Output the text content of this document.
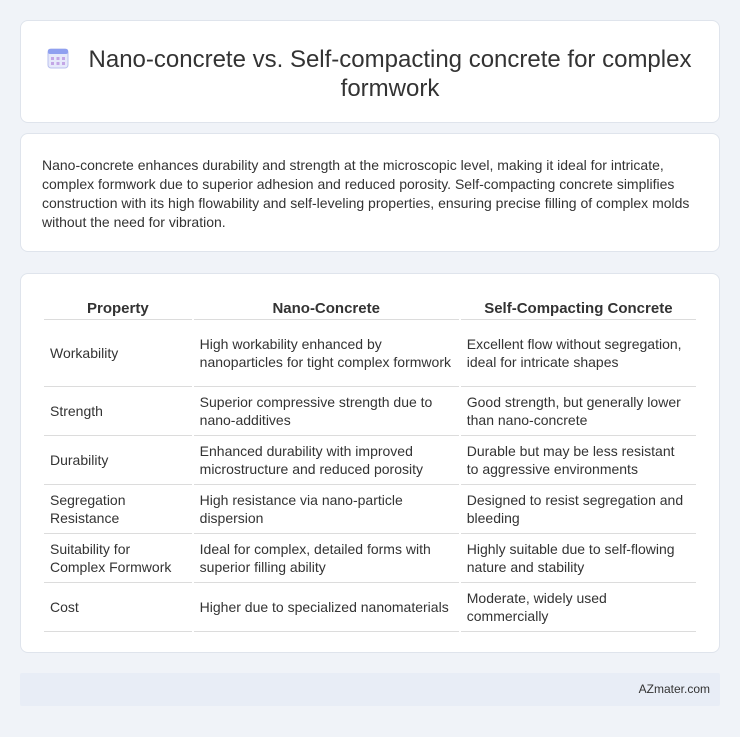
Nano-concrete vs. Self-compacting concrete for complex formwork

Nano-concrete enhances durability and strength at the microscopic level, making it ideal for intricate, complex formwork due to superior adhesion and reduced porosity. Self-compacting concrete simplifies construction with its high flowability and self-leveling properties, ensuring precise filling of complex molds without the need for vibration.

Property	Nano-Concrete	Self-Compacting Concrete
Workability	High workability enhanced by nanoparticles for tight complex formwork	Excellent flow without segregation, ideal for intricate shapes
Strength	Superior compressive strength due to nano-additives	Good strength, but generally lower than nano-concrete
Durability	Enhanced durability with improved microstructure and reduced porosity	Durable but may be less resistant to aggressive environments
Segregation Resistance	High resistance via nano-particle dispersion	Designed to resist segregation and bleeding
Suitability for Complex Formwork	Ideal for complex, detailed forms with superior filling ability	Highly suitable due to self-flowing nature and stability
Cost	Higher due to specialized nanomaterials	Moderate, widely used commercially
AZmater.com
